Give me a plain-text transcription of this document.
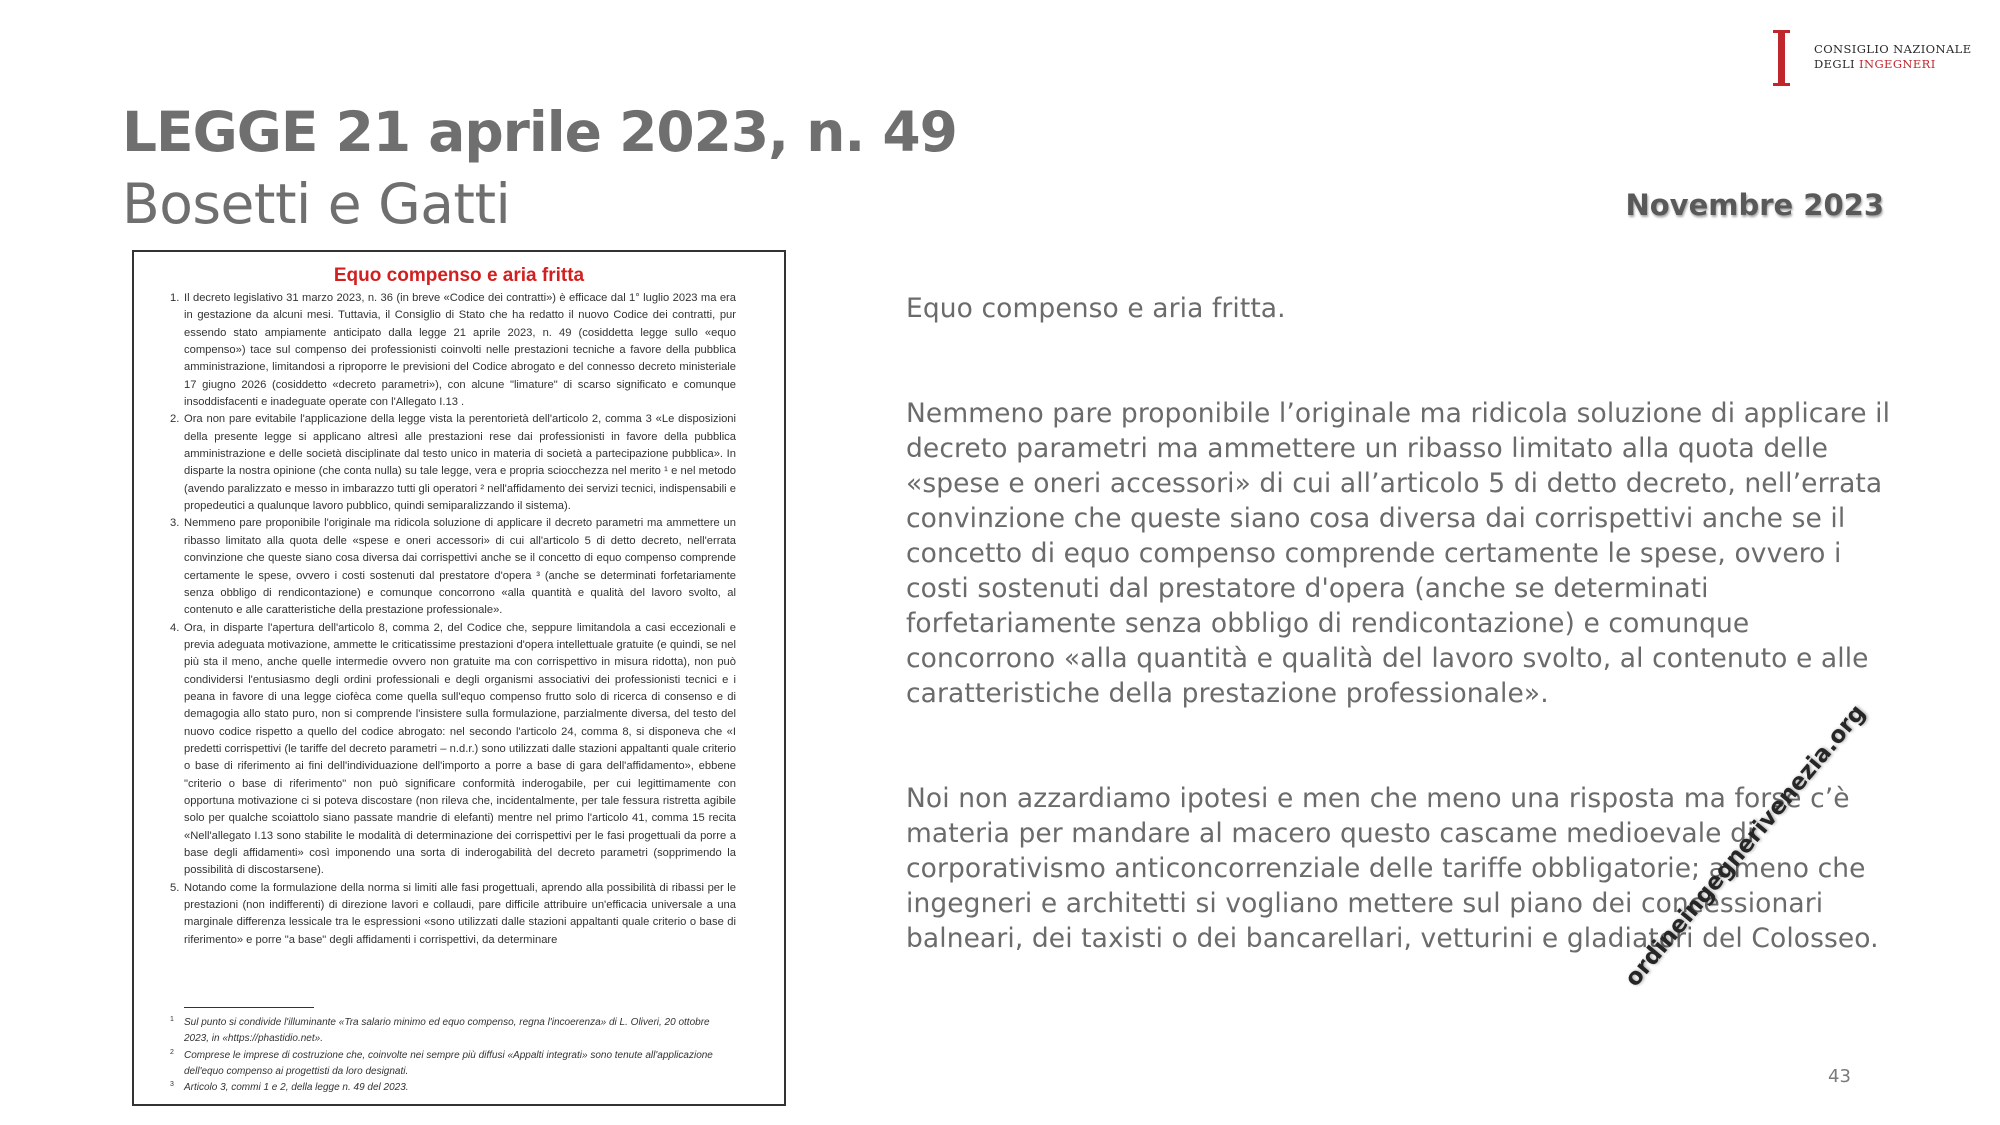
CONSIGLIO NAZIONALE
DEGLI INGEGNERI
LEGGE 21 aprile 2023, n. 49
Bosetti e Gatti	Novembre 2023
Equo compenso e aria fritta
1. Il decreto legislativo 31 marzo 2023, n. 36 (in breve «Codice dei contratti») è efficace dal 1° luglio 2023 ma era in gestazione da alcuni mesi. Tuttavia, il Consiglio di Stato che ha redatto il nuovo Codice dei contratti, pur essendo stato ampiamente anticipato dalla legge 21 aprile 2023, n. 49 (cosiddetta legge sullo «equo compenso») tace sul compenso dei professionisti coinvolti nelle prestazioni tecniche a favore della pubblica amministrazione, limitandosi a riproporre le previsioni del Codice abrogato e del connesso decreto ministeriale 17 giugno 2026 (cosiddetto «decreto parametri»), con alcune "limature" di scarso significato e comunque insoddisfacenti e inadeguate operate con l'Allegato I.13 .
2. Ora non pare evitabile l'applicazione della legge vista la perentorietà dell'articolo 2, comma 3 «Le disposizioni della presente legge si applicano altresì alle prestazioni rese dai professionisti in favore della pubblica amministrazione e delle società disciplinate dal testo unico in materia di società a partecipazione pubblica». In disparte la nostra opinione (che conta nulla) su tale legge, vera e propria sciocchezza nel merito ¹ e nel metodo (avendo paralizzato e messo in imbarazzo tutti gli operatori ² nell'affidamento dei servizi tecnici, indispensabili e propedeutici a qualunque lavoro pubblico, quindi semiparalizzando il sistema).
3. Nemmeno pare proponibile l'originale ma ridicola soluzione di applicare il decreto parametri ma ammettere un ribasso limitato alla quota delle «spese e oneri accessori» di cui all'articolo 5 di detto decreto, nell'errata convinzione che queste siano cosa diversa dai corrispettivi anche se il concetto di equo compenso comprende certamente le spese, ovvero i costi sostenuti dal prestatore d'opera ³ (anche se determinati forfetariamente senza obbligo di rendicontazione) e comunque concorrono «alla quantità e qualità del lavoro svolto, al contenuto e alle caratteristiche della prestazione professionale».
4. Ora, in disparte l'apertura dell'articolo 8, comma 2, del Codice che, seppure limitandola a casi eccezionali e previa adeguata motivazione, ammette le criticatissime prestazioni d'opera intellettuale gratuite (e quindi, se nel più sta il meno, anche quelle intermedie ovvero non gratuite ma con corrispettivo in misura ridotta), non può condividersi l'entusiasmo degli ordini professionali e degli organismi associativi dei professionisti tecnici e i peana in favore di una legge ciofèca come quella sull'equo compenso frutto solo di ricerca di consenso e di demagogia allo stato puro, non si comprende l'insistere sulla formulazione, parzialmente diversa, del testo del nuovo codice rispetto a quello del codice abrogato: nel secondo l'articolo 24, comma 8, si disponeva che «I predetti corrispettivi (le tariffe del decreto parametri – n.d.r.) sono utilizzati dalle stazioni appaltanti quale criterio o base di riferimento ai fini dell'individuazione dell'importo a porre a base di gara dell'affidamento», ebbene "criterio o base di riferimento" non può significare conformità inderogabile, per cui legittimamente con opportuna motivazione ci si poteva discostare (non rileva che, incidentalmente, per tale fessura ristretta agibile solo per qualche scoiattolo siano passate mandrie di elefanti) mentre nel primo l'articolo 41, comma 15 recita «Nell'allegato I.13 sono stabilite le modalità di determinazione dei corrispettivi per le fasi progettuali da porre a base degli affidamenti» così imponendo una sorta di inderogabilità del decreto parametri (sopprimendo la possibilità di discostarsene).
5. Notando come la formulazione della norma si limiti alle fasi progettuali, aprendo alla possibilità di ribassi per le prestazioni (non indifferenti) di direzione lavori e collaudi, pare difficile attribuire un'efficacia universale a una marginale differenza lessicale tra le espressioni «sono utilizzati dalle stazioni appaltanti quale criterio o base di riferimento» e porre "a base" degli affidamenti i corrispettivi, da determinare
1 Sul punto si condivide l'illuminante «Tra salario minimo ed equo compenso, regna l'incoerenza» di L. Oliveri, 20 ottobre 2023, in «https://phastidio.net».
2 Comprese le imprese di costruzione che, coinvolte nei sempre più diffusi «Appalti integrati» sono tenute all'applicazione dell'equo compenso ai progettisti da loro designati.
3 Articolo 3, commi 1 e 2, della legge n. 49 del 2023.

Equo compenso e aria fritta.

Nemmeno pare proponibile l’originale ma ridicola soluzione di applicare il decreto parametri ma ammettere un ribasso limitato alla quota delle «spese e oneri accessori» di cui all’articolo 5 di detto decreto, nell’errata convinzione che queste siano cosa diversa dai corrispettivi anche se il concetto di equo compenso comprende certamente le spese, ovvero i costi sostenuti dal prestatore d'opera (anche se determinati forfetariamente senza obbligo di rendicontazione) e comunque concorrono «alla quantità e qualità del lavoro svolto, al contenuto e alle caratteristiche della prestazione professionale».

Noi non azzardiamo ipotesi e men che meno una risposta ma forse c’è materia per mandare al macero questo cascame medioevale di corporativismo anticoncorrenziale delle tariffe obbligatorie; a meno che ingegneri e architetti si vogliano mettere sul piano dei concessionari balneari, dei taxisti o dei bancarellari, vetturini e gladiatori del Colosseo.

ordineingegnerivenezia.org
43
